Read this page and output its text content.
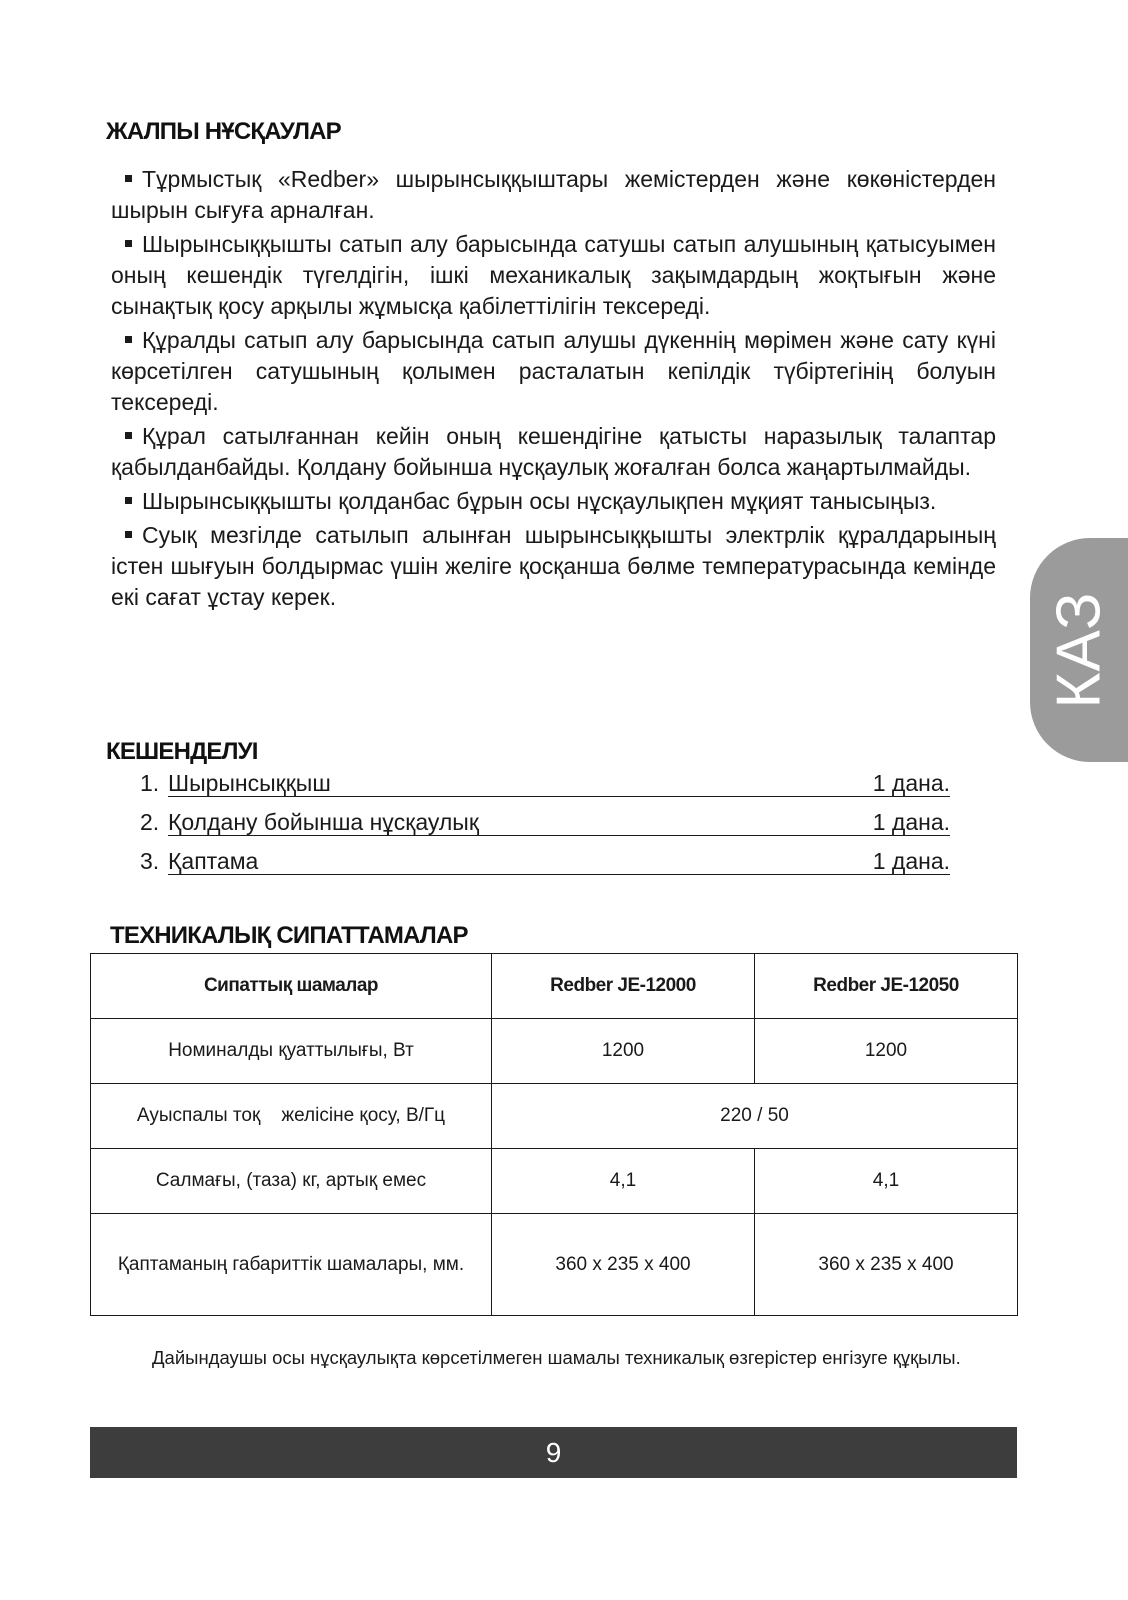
ЖАЛПЫ НҰСҚАУЛАР

Тұрмыстық «Redber» шырынсыққыштары жемістерден және көкөністерден шырын сығуға арналған.

Шырынсыққышты сатып алу барысында сатушы сатып алушының қатысуымен оның кешендік түгелдігін, ішкі механикалық зақымдардың жоқтығын және сынақтық қосу арқылы жұмысқа қабілеттілігін тексереді.

Құралды сатып алу барысында сатып алушы дүкеннің мөрімен және сату күні көрсетілген сатушының қолымен расталатын кепілдік түбіртегінің болуын тексереді.

Құрал сатылғаннан кейін оның кешендігіне қатысты наразылық талаптар қабылданбайды. Қолдану бойынша нұсқаулық жоғалған болса жаңартылмайды.

Шырынсыққышты қолданбас бұрын осы нұсқаулықпен мұқият танысыңыз.

Суық мезгілде сатылып алынған шырынсыққышты электрлік құралдарының істен шығуын болдырмас үшін желіге қосқанша бөлме температурасында кемінде екі сағат ұстау керек.

КЕШЕНДЕЛУІ
1. Шырынсыққыш	1 дана.
2. Қолдану бойынша нұсқаулық	1 дана.
3. Қаптама	1 дана.
ТЕХНИКАЛЫҚ СИПАТТАМАЛАР
Сипаттық шамалар	Redber JE-12000	Redber JE-12050
Номиналды қуаттылығы, Вт	1200	1200
Ауыспалы тоқ    желісіне қосу, В/Гц	220 / 50	
Салмағы, (таза) кг, артық емес	4,1	4,1
Қаптаманың габариттік шамалары, мм.	360 x 235 x 400	360 x 235 x 400

Дайындаушы осы нұсқаулықта көрсетілмеген шамалы техникалық өзгерістер енгізуге құқылы.

9
КАЗ
